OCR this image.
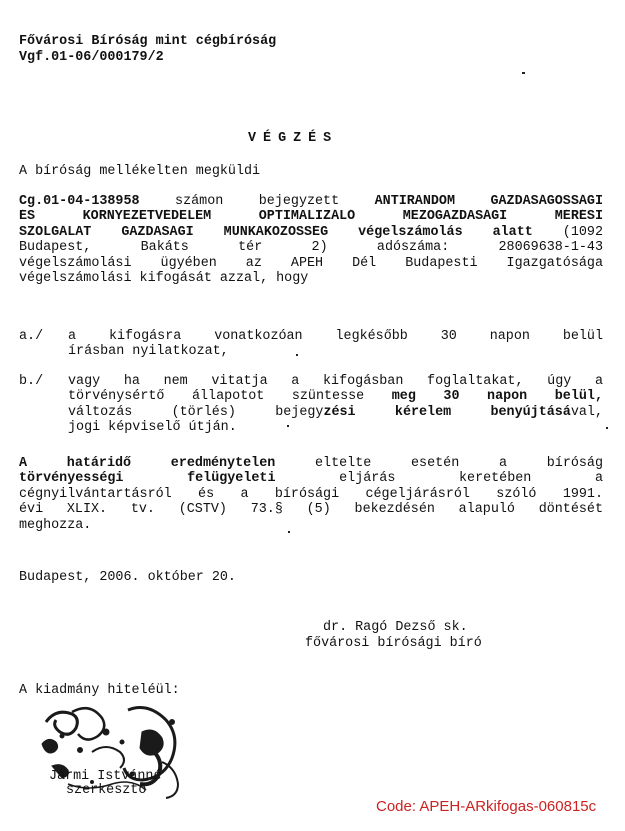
Fővárosi Bíróság mint cégbíróság
Vgf.01-06/000179/2
VÉGZÉS
A bíróság mellékelten megküldi
Cg.01-04-138958 számon bejegyzett ANTIRANDOM GAZDASÁGOSSÁGI
ÉS KÖRNYEZETVÉDELEM OPTIMALIZÁLÓ MEZŐGAZDASÁGI MÉRÉSI
SZOLGÁLAT GAZDASÁGI MUNKAKÖZÖSSÉG végelszámolás alatt (1092
Budapest, Bakáts tér 2) adószáma: 28069638-1-43
végelszámolási ügyében az APEH Dél Budapesti Igazgatósága
végelszámolási kifogását azzal, hogy
a./ a kifogásra vonatkozóan legkésőbb 30 napon belül
írásban nyilatkozat,
b./ vagy ha nem vitatja a kifogásban foglaltakat, úgy a
törvénysértő állapotot szüntesse meg 30 napon belül,
változás (törlés) bejegyzési kérelem benyújtásával,
jogi képviselő útján.
A határidő eredménytelen eltelte esetén a bíróság
törvényességi felügyeleti eljárás keretében a
cégnyilvántartásról és a bírósági cégeljárásról szóló 1991.
évi XLIX. tv. (CSTV) 73.§ (5) bekezdésén alapuló döntését
meghozza.
Budapest, 2006. október 20.
dr. Ragó Dezső sk.
fővárosi bírósági bíró
A kiadmány hiteléül:
Jármi Istvánné
szerkesztő
Code: APEH-ARkifogas-060815c
